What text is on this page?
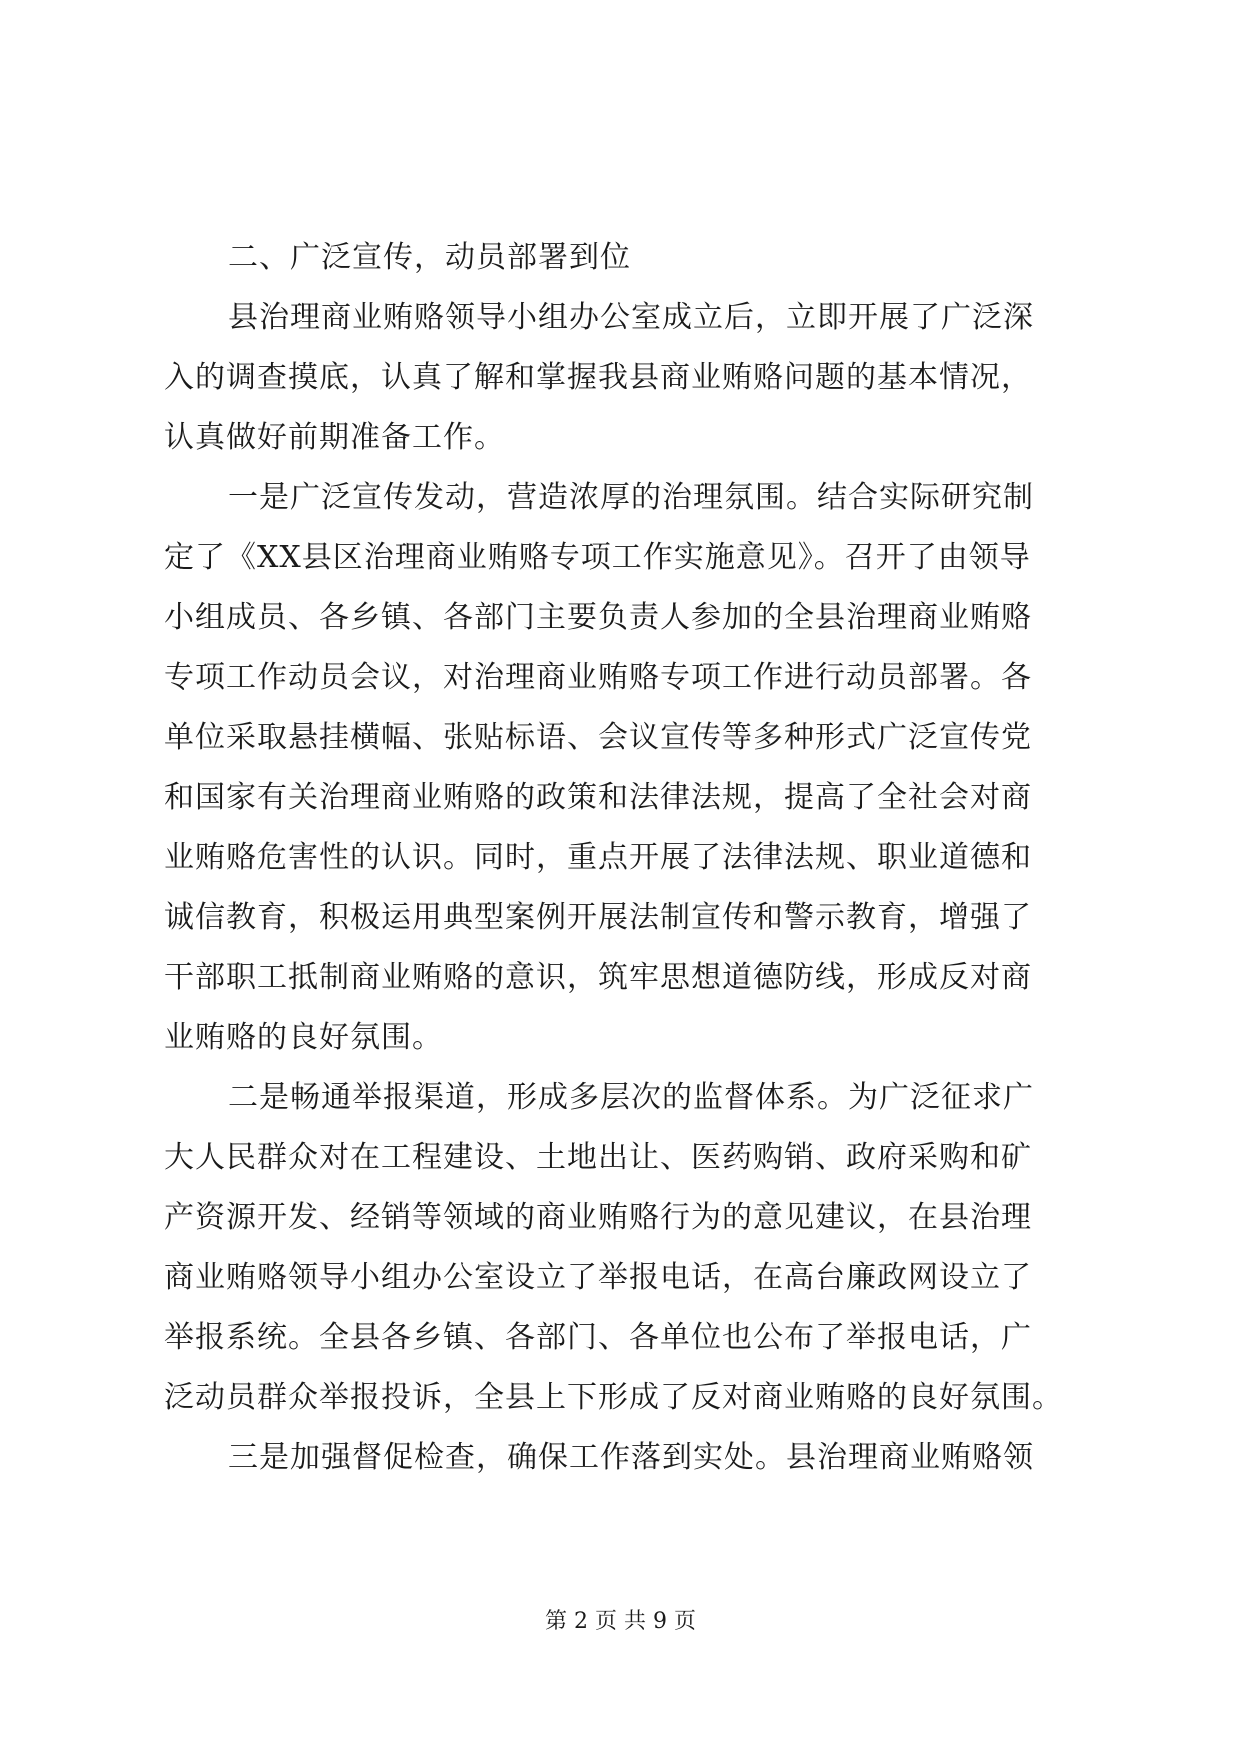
二、广泛宣传，动员部署到位
县治理商业贿赂领导小组办公室成立后，立即开展了广泛深
入的调查摸底，认真了解和掌握我县商业贿赂问题的基本情况，
认真做好前期准备工作。
一是广泛宣传发动，营造浓厚的治理氛围。结合实际研究制
定了《XX县区治理商业贿赂专项工作实施意见》。召开了由领导
小组成员、各乡镇、各部门主要负责人参加的全县治理商业贿赂
专项工作动员会议，对治理商业贿赂专项工作进行动员部署。各
单位采取悬挂横幅、张贴标语、会议宣传等多种形式广泛宣传党
和国家有关治理商业贿赂的政策和法律法规，提高了全社会对商
业贿赂危害性的认识。同时，重点开展了法律法规、职业道德和
诚信教育，积极运用典型案例开展法制宣传和警示教育，增强了
干部职工抵制商业贿赂的意识，筑牢思想道德防线，形成反对商
业贿赂的良好氛围。
二是畅通举报渠道，形成多层次的监督体系。为广泛征求广
大人民群众对在工程建设、土地出让、医药购销、政府采购和矿
产资源开发、经销等领域的商业贿赂行为的意见建议，在县治理
商业贿赂领导小组办公室设立了举报电话，在高台廉政网设立了
举报系统。全县各乡镇、各部门、各单位也公布了举报电话，广
泛动员群众举报投诉，全县上下形成了反对商业贿赂的良好氛围。
三是加强督促检查，确保工作落到实处。县治理商业贿赂领
第 2 页 共 9 页
